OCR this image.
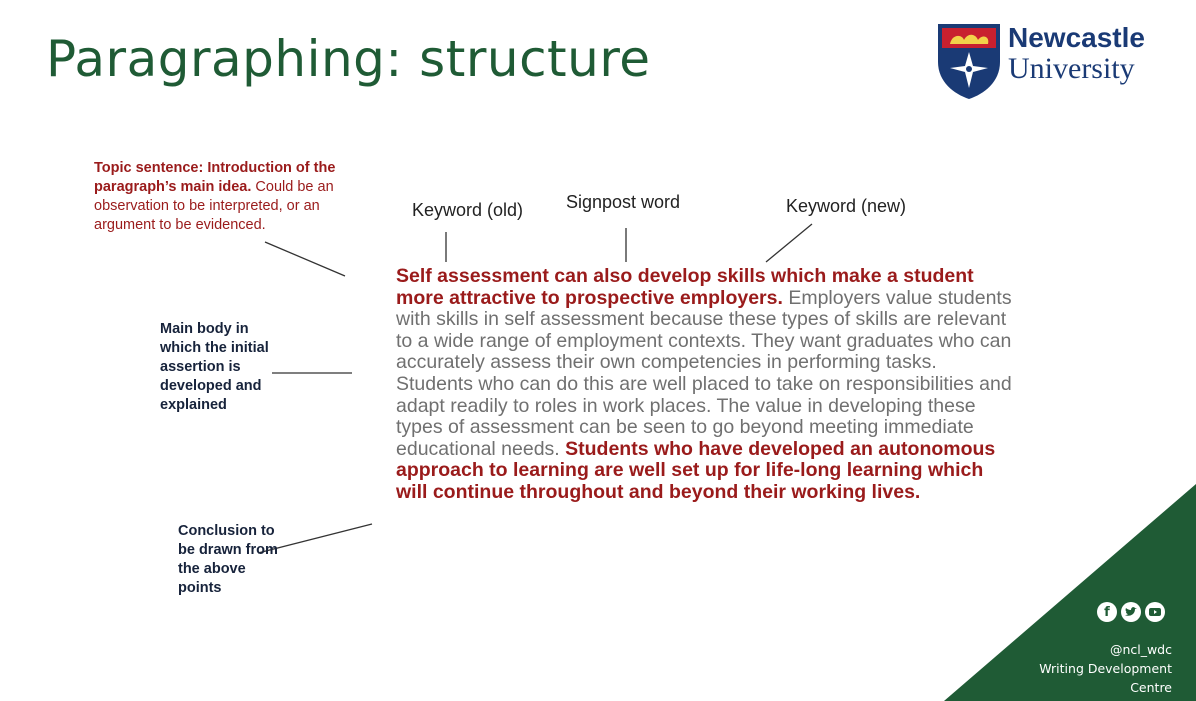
Paragraphing: structure	Newcastle
University
Topic sentence: Introduction of the paragraph’s main idea. Could be an observation to be interpreted, or an argument to be evidenced.
Main body in which the initial assertion is developed and explained
Conclusion to be drawn from the above points
Keyword (old) Signpost word	Keyword (new)
Self assessment can also develop skills which make a student more attractive to prospective employers. Employers value students with skills in self assessment because these types of skills are relevant to a wide range of employment contexts. They want graduates who can accurately assess their own competencies in performing tasks. Students who can do this are well placed to take on responsibilities and adapt readily to roles in work places. The value in developing these types of assessment can be seen to go beyond meeting immediate educational needs. Students who have developed an autonomous approach to learning are well set up for life-long learning which will continue throughout and beyond their working lives.
f
@ncl_wdc
Writing Development
Centre
